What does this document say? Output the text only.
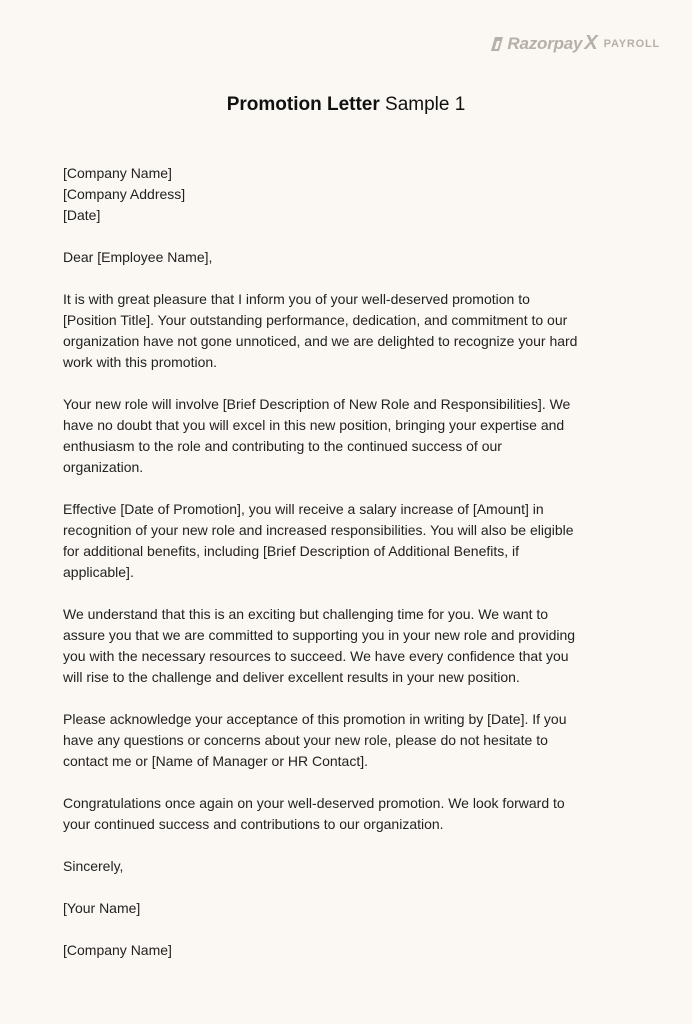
Razorpay X PAYROLL
Promotion Letter Sample 1

[Company Name]
[Company Address]
[Date]

Dear [Employee Name],

It is with great pleasure that I inform you of your well-deserved promotion to
[Position Title]. Your outstanding performance, dedication, and commitment to our
organization have not gone unnoticed, and we are delighted to recognize your hard
work with this promotion.

Your new role will involve [Brief Description of New Role and Responsibilities]. We
have no doubt that you will excel in this new position, bringing your expertise and
enthusiasm to the role and contributing to the continued success of our
organization.

Effective [Date of Promotion], you will receive a salary increase of [Amount] in
recognition of your new role and increased responsibilities. You will also be eligible
for additional benefits, including [Brief Description of Additional Benefits, if
applicable].

We understand that this is an exciting but challenging time for you. We want to
assure you that we are committed to supporting you in your new role and providing
you with the necessary resources to succeed. We have every confidence that you
will rise to the challenge and deliver excellent results in your new position.

Please acknowledge your acceptance of this promotion in writing by [Date]. If you
have any questions or concerns about your new role, please do not hesitate to
contact me or [Name of Manager or HR Contact].

Congratulations once again on your well-deserved promotion. We look forward to
your continued success and contributions to our organization.

Sincerely,

[Your Name]

[Company Name]
